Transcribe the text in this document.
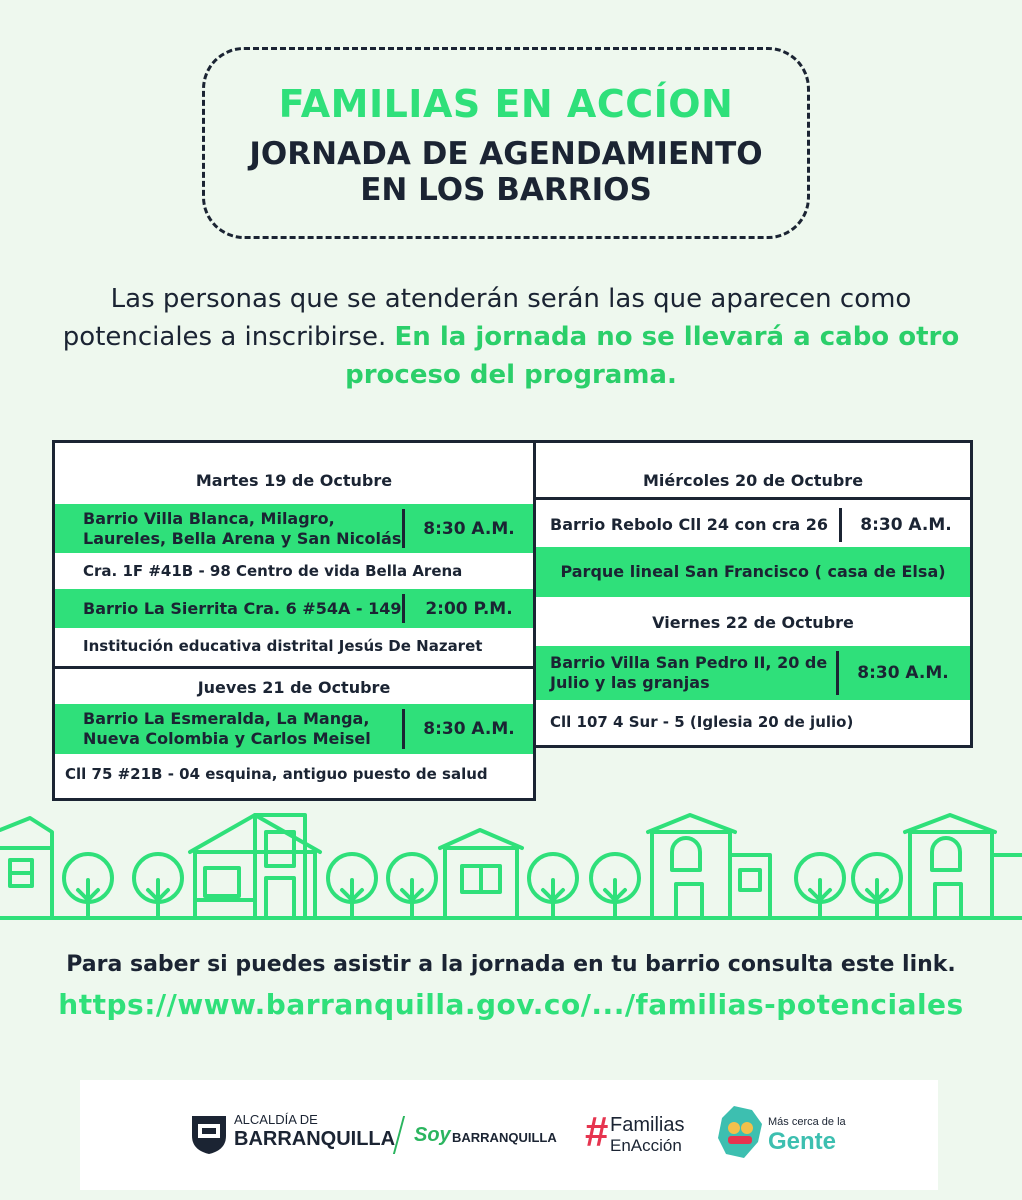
FAMILIAS EN ACCÍON
JORNADA DE AGENDAMIENTO
EN LOS BARRIOS
Las personas que se atenderán serán las que aparecen como potenciales a inscribirse. En la jornada no se llevará a cabo otro proceso del programa.
Martes 19 de Octubre
Barrio Villa Blanca, Milagro, Laureles, Bella Arena y San Nicolás	8:30 A.M.
Cra. 1F #41B - 98 Centro de vida Bella Arena
Barrio La Sierrita Cra. 6 #54A - 149	2:00 P.M.
Institución educativa distrital Jesús De Nazaret
Jueves 21 de Octubre
Barrio La Esmeralda, La Manga, Nueva Colombia y Carlos Meisel	8:30 A.M.
Cll 75 #21B - 04 esquina, antiguo puesto de salud
Miércoles 20 de Octubre
Barrio Rebolo Cll 24 con cra 26	8:30 A.M.
Parque lineal San Francisco ( casa de Elsa)
Viernes 22 de Octubre
Barrio Villa San Pedro II, 20 de Julio y las granjas	8:30 A.M.
Cll 107 4 Sur - 5 (Iglesia 20 de julio)
Para saber si puedes asistir a la jornada en tu barrio consulta este link.
https://www.barranquilla.gov.co/.../familias-potenciales
ALCALDÍA DE
BARRANQUILLA Soy BARRANQUILLA # Familias
EnAcción
Más cerca de la
Gente
